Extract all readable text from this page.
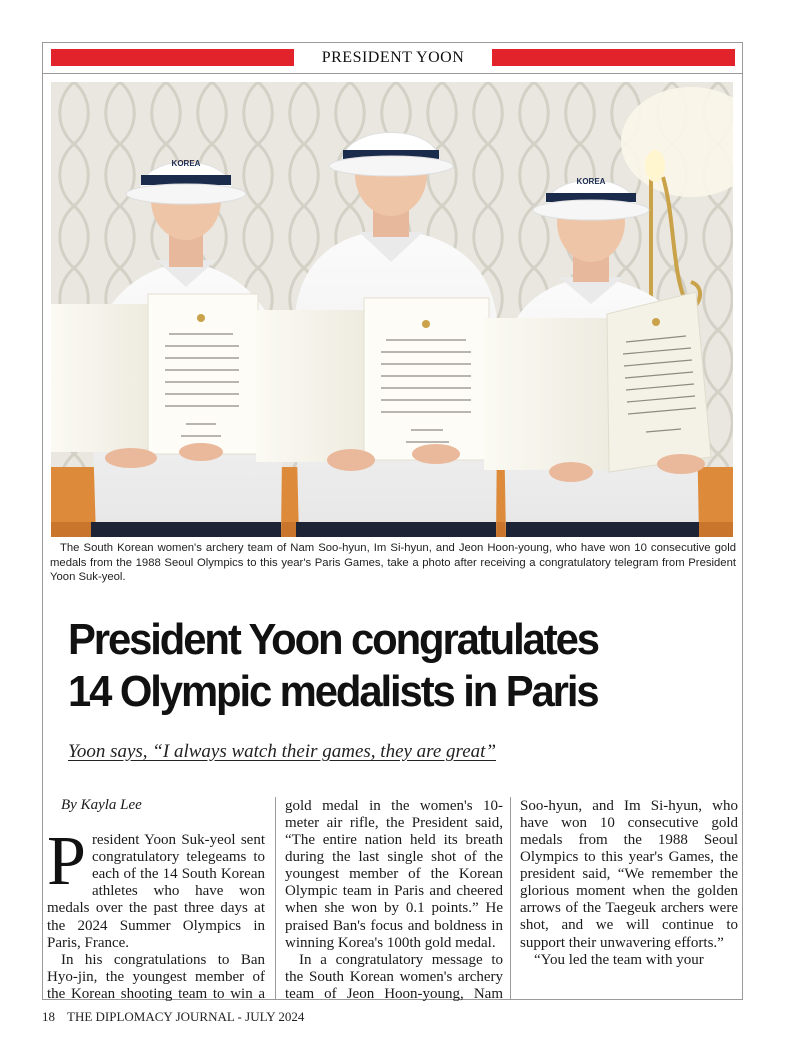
PRESIDENT YOON
KOREA
KOREA

The South Korean women's archery team of Nam Soo-hyun, Im Si-hyun, and Jeon Hoon-young, who have won 10 consecutive gold medals from the 1988 Seoul Olympics to this year's Paris Games, take a photo after receiving a congratulatory telegram from President Yoon Suk-yeol.

President Yoon congratulates
14 Olympic medalists in Paris

Yoon says, “I always watch their games, they are great”

By Kayla Lee

President Yoon Suk-yeol sent congratulatory telegeams to each of the 14 South Korean athletes who have won medals over the past three days at the 2024 Summer Olympics in Paris, France.

In his congratulations to Ban Hyo-jin, the youngest member of the Korean shooting team to win a

gold medal in the women's 10-meter air rifle, the President said, “The entire nation held its breath during the last single shot of the youngest member of the Korean Olympic team in Paris and cheered when she won by 0.1 points.” He praised Ban's focus and boldness in winning Korea's 100th gold medal.

In a congratulatory message to the South Korean women's archery team of Jeon Hoon-young, Nam

Soo-hyun, and Im Si-hyun, who have won 10 consecutive gold medals from the 1988 Seoul Olympics to this year's Games, the president said, “We remember the glorious moment when the golden arrows of the Taegeuk archers were shot, and we will continue to support their unwavering efforts.”

“You led the team with your

18 THE DIPLOMACY JOURNAL - JULY 2024
